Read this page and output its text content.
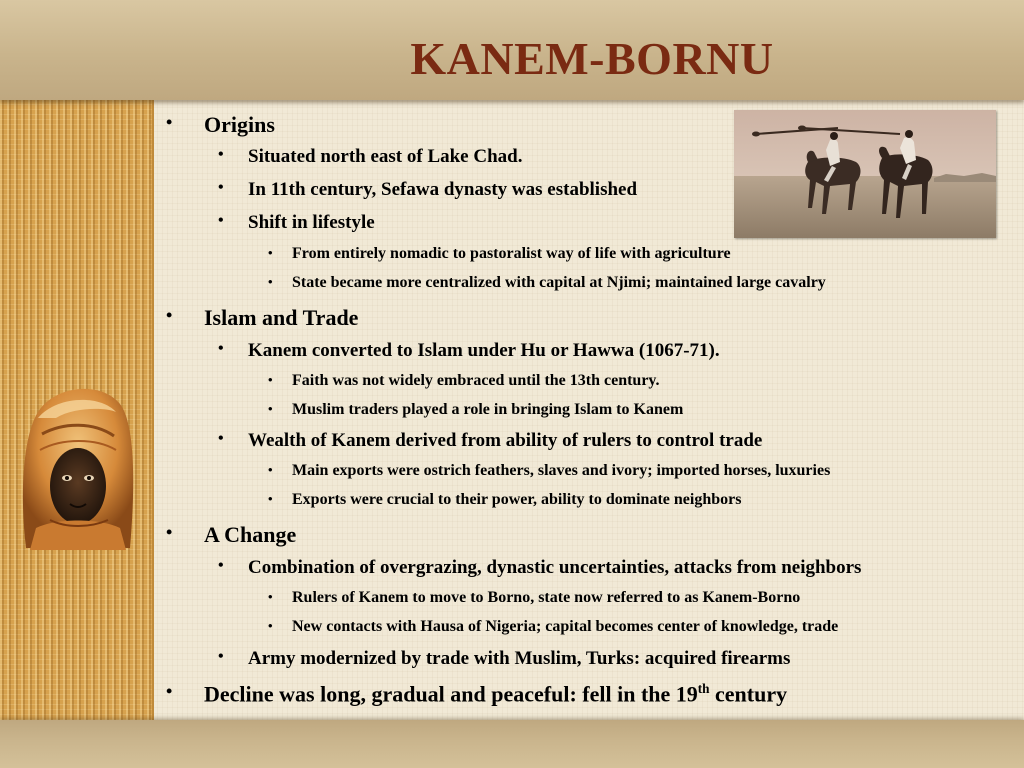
KANEM-BORNU
• Origins
• Situated north east of Lake Chad.
• In 11th century, Sefawa dynasty was established
• Shift in lifestyle
• From entirely nomadic to pastoralist way of life with agriculture
• State became more centralized with capital at Njimi; maintained large cavalry
• Islam and Trade
• Kanem converted to Islam under Hu or Hawwa (1067-71).
• Faith was not widely embraced until the 13th century.
• Muslim traders played a role in bringing Islam to Kanem
• Wealth of Kanem derived from ability of rulers to control trade
• Main exports were ostrich feathers, slaves and ivory; imported horses, luxuries
• Exports were crucial to their power, ability to dominate neighbors
• A Change
• Combination of overgrazing, dynastic uncertainties, attacks from neighbors
• Rulers of Kanem to move to Borno, state now referred to as Kanem-Borno
• New contacts with Hausa of Nigeria; capital becomes center of knowledge, trade
• Army modernized by trade with Muslim, Turks: acquired firearms
• Decline was long, gradual and peaceful: fell in the 19th century
